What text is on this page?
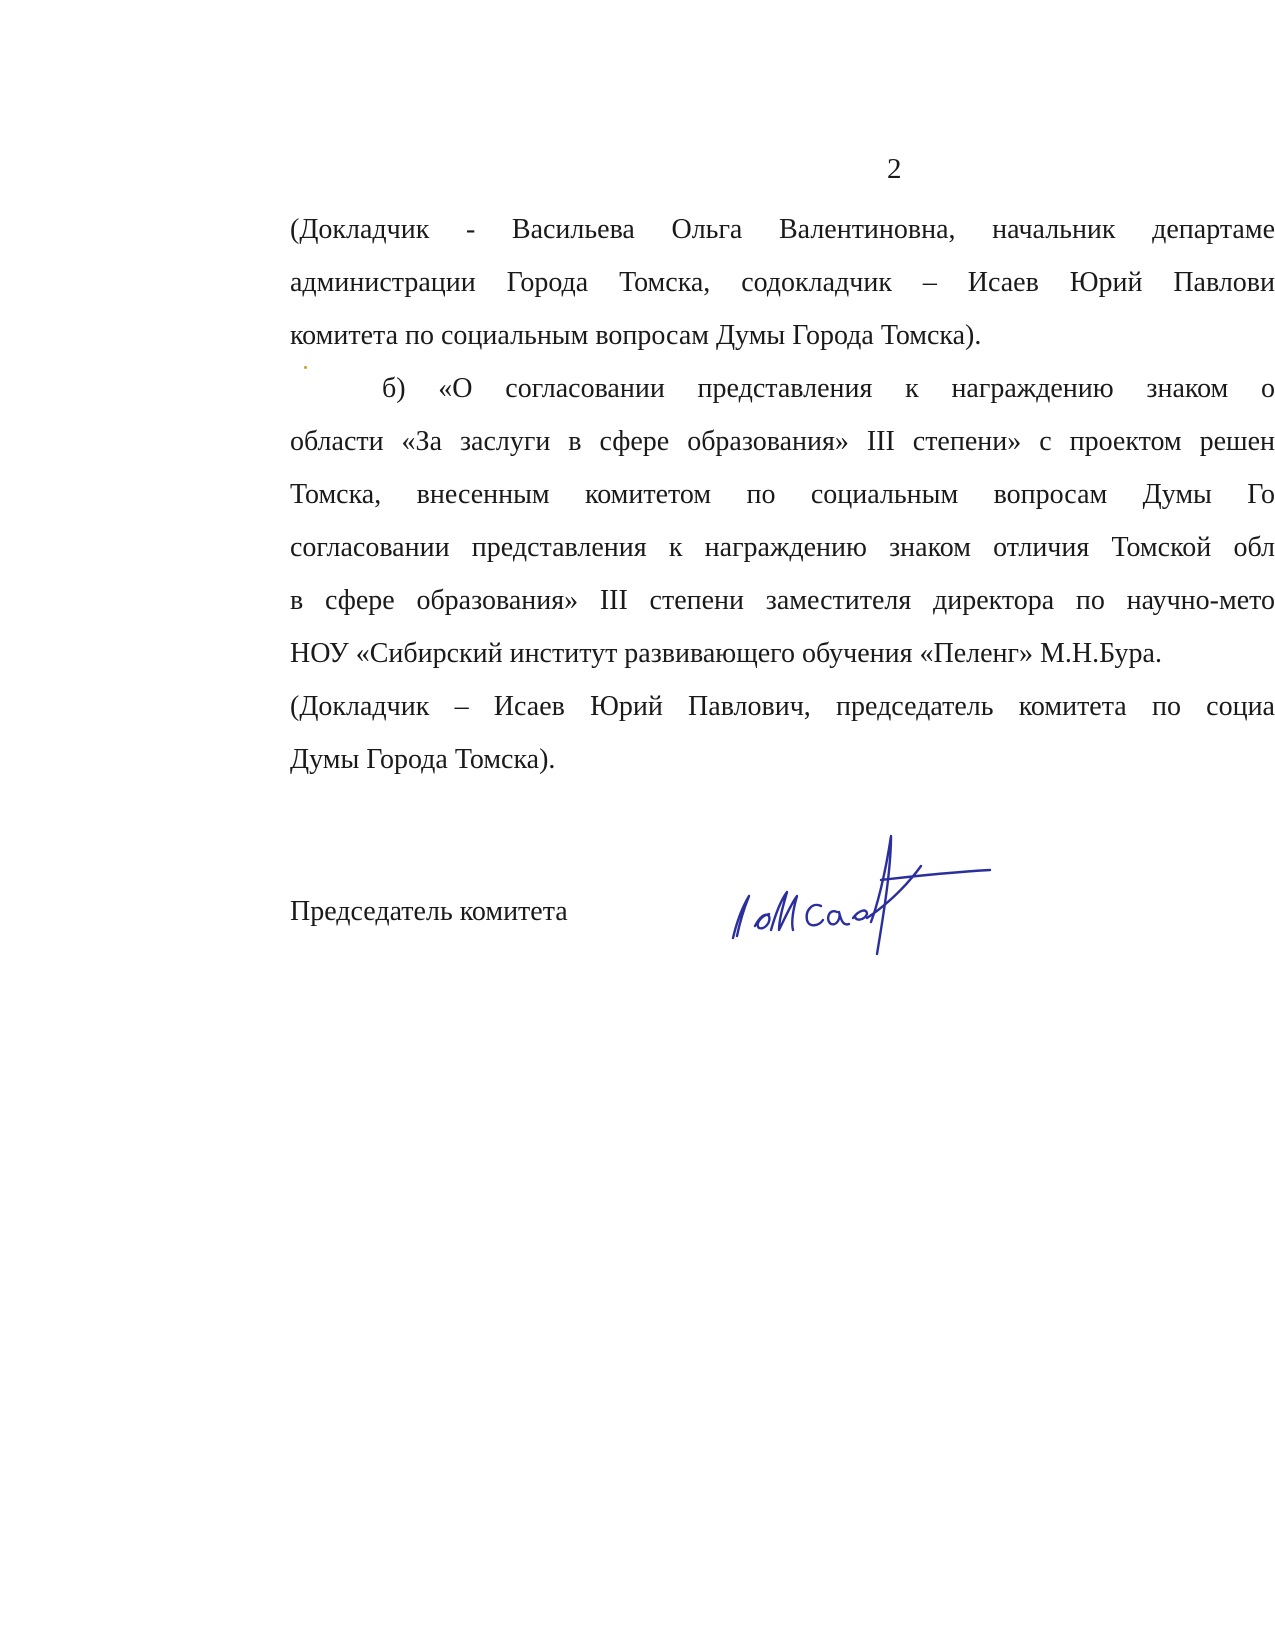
2

(Докладчик - Васильева Ольга Валентиновна, начальник департаме

администрации Города Томска, содокладчик – Исаев Юрий Павлови

комитета по социальным вопросам Думы Города Томска).

б) «О согласовании представления к награждению знаком о

области «За заслуги в сфере образования» III степени» с проектом решен

Томска, внесенным комитетом по социальным вопросам Думы Го

согласовании представления к награждению знаком отличия Томской обл

в сфере образования» III степени заместителя директора по научно-мето

НОУ «Сибирский институт развивающего обучения «Пеленг» М.Н.Бура.

(Докладчик – Исаев Юрий Павлович, председатель комитета по социа

Думы Города Томска).

Председатель комитета
